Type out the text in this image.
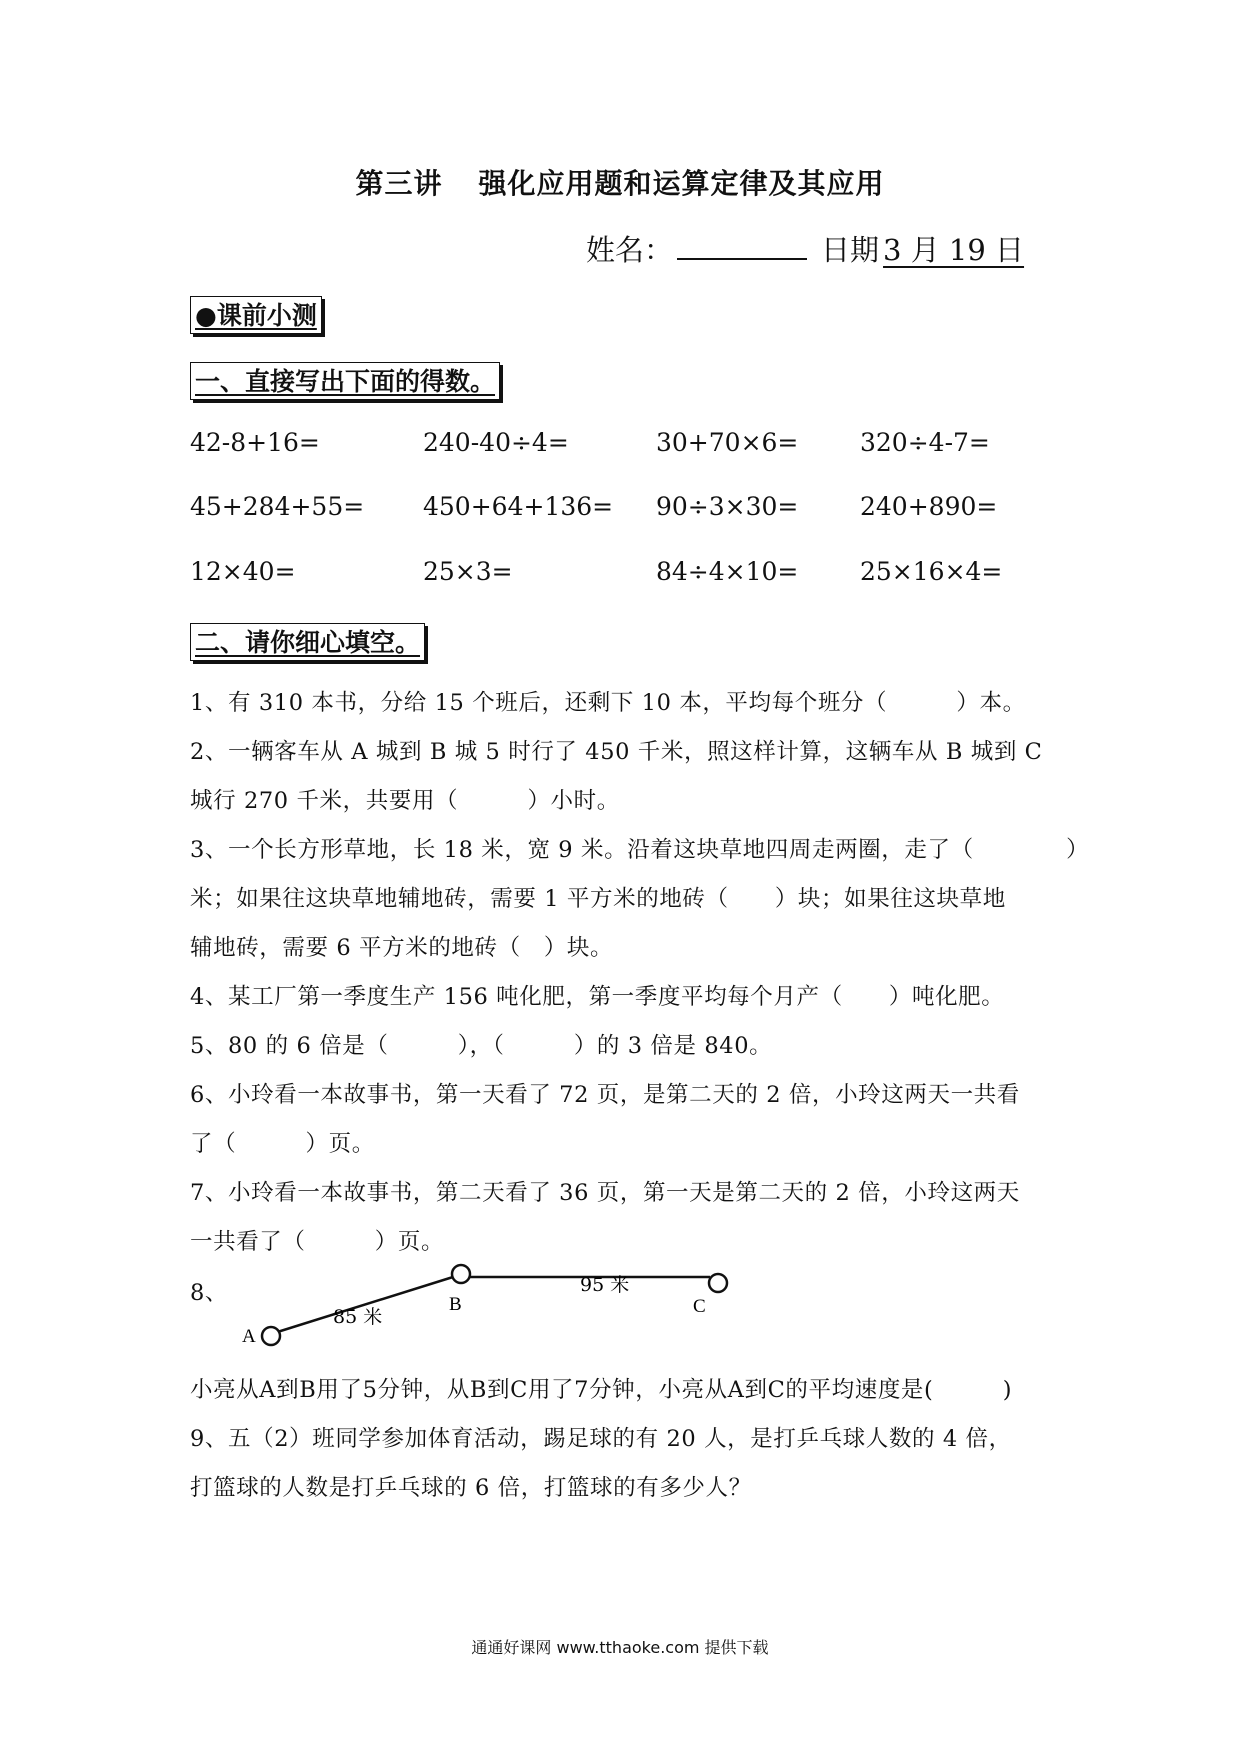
第三讲 强化应用题和运算定律及其应用
姓名：	日期 3 月 19 日
●课前小测
一、直接写出下面的得数。
42-8+16=	240-40÷4=	30+70×6= 320÷4-7=
45+284+55= 450+64+136= 90÷3×30= 240+890=
12×40=	25×3=	84÷4×10= 25×16×4=
二、请你细心填空。
1、有 310 本书，分给 15 个班后，还剩下 10 本，平均每个班分（　　　）本。
2、一辆客车从 A 城到 B 城 5 时行了 450 千米，照这样计算，这辆车从 B 城到 C
城行 270 千米，共要用（　　　）小时。
3、一个长方形草地，长 18 米，宽 9 米。沿着这块草地四周走两圈，走了（　　　　）
米；如果往这块草地辅地砖，需要 1 平方米的地砖（　　）块；如果往这块草地
辅地砖，需要 6 平方米的地砖（　）块。
4、某工厂第一季度生产 156 吨化肥，第一季度平均每个月产（　　）吨化肥。
5、80 的 6 倍是（　　　），（　　　）的 3 倍是 840。
6、小玲看一本故事书，第一天看了 72 页，是第二天的 2 倍，小玲这两天一共看
了（　　　）页。
7、小玲看一本故事书，第二天看了 36 页，第一天是第二天的 2 倍，小玲这两天
一共看了（　　　）页。
8、
A
B	C
85 米
95 米
小亮从A到B用了5分钟，从B到C用了7分钟，小亮从A到C的平均速度是(　　　)
9、五（2）班同学参加体育活动，踢足球的有 20 人，是打乒乓球人数的 4 倍，
打篮球的人数是打乒乓球的 6 倍，打篮球的有多少人？
通通好课网 www.tthaoke.com 提供下载
